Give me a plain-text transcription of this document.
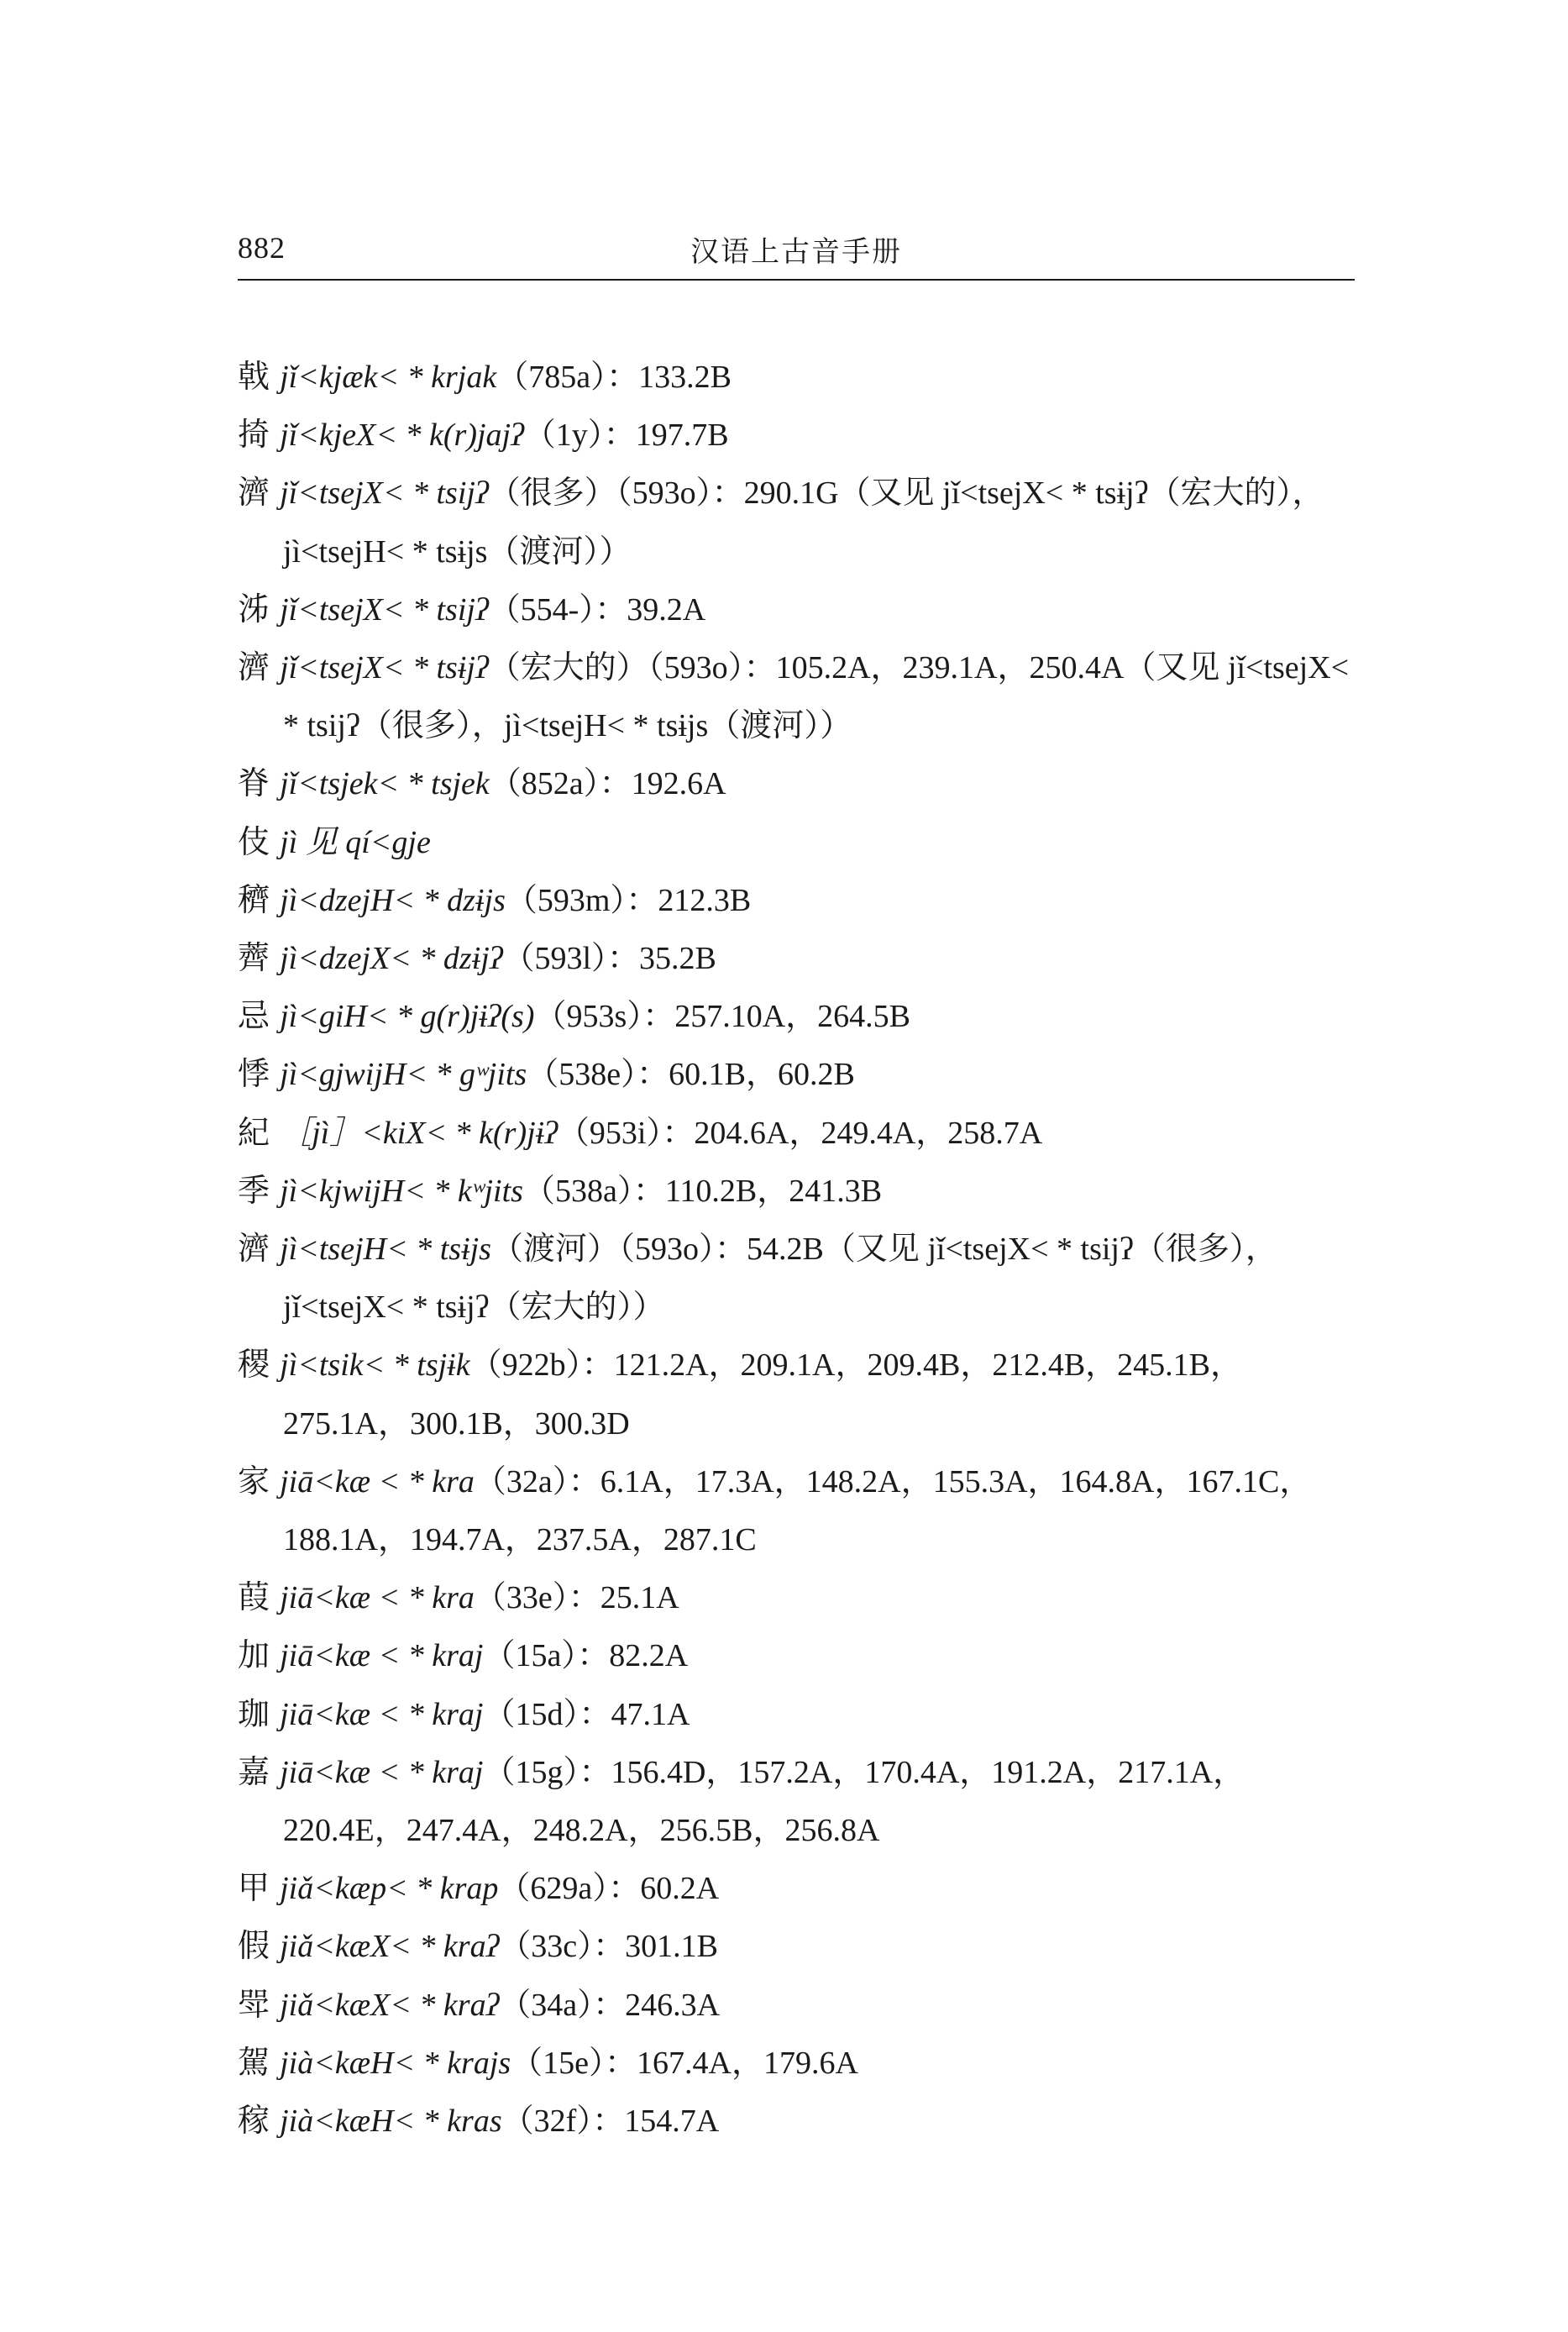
882	汉语上古音手册
戟 jǐ<kjæk< * krjak（785a）：133.2B
掎 jǐ<kjeX< * k(r)jajʔ（1y）：197.7B
濟 jǐ<tsejX< * tsijʔ（很多）（593o）：290.1G（又见 jǐ<tsejX< * tsɨjʔ（宏大的），jì<tsejH< * tsɨjs（渡河））
泲 jǐ<tsejX< * tsijʔ（554-）：39.2A
濟 jǐ<tsejX< * tsɨjʔ（宏大的）（593o）：105.2A，239.1A，250.4A（又见 jǐ<tsejX< * tsijʔ（很多），jì<tsejH< * tsɨjs（渡河））
脊 jǐ<tsjek< * tsjek（852a）：192.6A
伎 jì 见 qí<gje
穧 jì<dzejH< * dzɨjs（593m）：212.3B
薺 jì<dzejX< * dzɨjʔ（593l）：35.2B
忌 jì<giH< * g(r)jɨʔ(s)（953s）：257.10A，264.5B
悸 jì<gjwijH< * gʷjits（538e）：60.1B，60.2B
紀 ［jì］<kiX< * k(r)jɨʔ（953i）：204.6A，249.4A，258.7A
季 jì<kjwijH< * kʷjits（538a）：110.2B，241.3B
濟 jì<tsejH< * tsɨjs（渡河）（593o）：54.2B（又见 jǐ<tsejX< * tsijʔ（很多），jǐ<tsejX< * tsɨjʔ（宏大的））
稷 jì<tsik< * tsjɨk（922b）：121.2A，209.1A，209.4B，212.4B，245.1B，275.1A，300.1B，300.3D
家 jiā<kæ < * kra（32a）：6.1A，17.3A，148.2A，155.3A，164.8A，167.1C，188.1A，194.7A，237.5A，287.1C
葭 jiā<kæ < * kra（33e）：25.1A
加 jiā<kæ < * kraj（15a）：82.2A
珈 jiā<kæ < * kraj（15d）：47.1A
嘉 jiā<kæ < * kraj（15g）：156.4D，157.2A，170.4A，191.2A，217.1A，220.4E，247.4A，248.2A，256.5B，256.8A
甲 jiǎ<kæp< * krap（629a）：60.2A
假 jiǎ<kæX< * kraʔ（33c）：301.1B
斝 jiǎ<kæX< * kraʔ（34a）：246.3A
駕 jià<kæH< * krajs（15e）：167.4A，179.6A
稼 jià<kæH< * kras（32f）：154.7A
